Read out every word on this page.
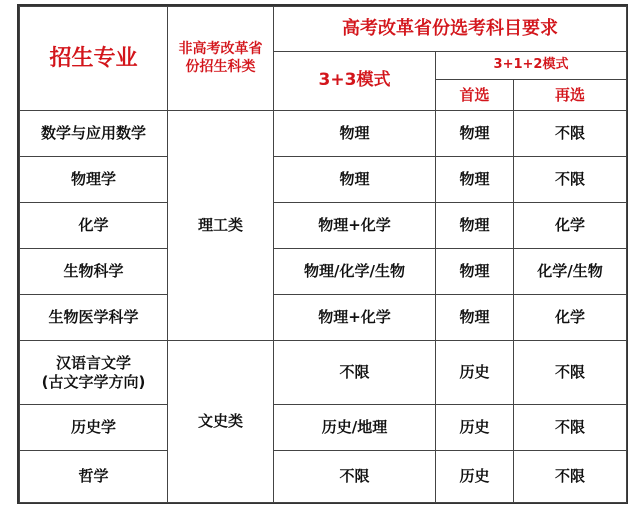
招生专业	非高考改革省
份招生科类	高考改革省份选考科目要求		
		3+3模式	3+1+2模式	
			首选	再选
数学与应用数学	理工类	物理	物理	不限
物理学		物理	物理	不限
化学		物理+化学	物理	化学
生物科学		物理/化学/生物	物理	化学/生物
生物医学科学		物理+化学	物理	化学

汉语言文学
(古文字学方向)	文史类	不限	历史	不限
历史学		历史/地理	历史	不限
哲学		不限	历史	不限
